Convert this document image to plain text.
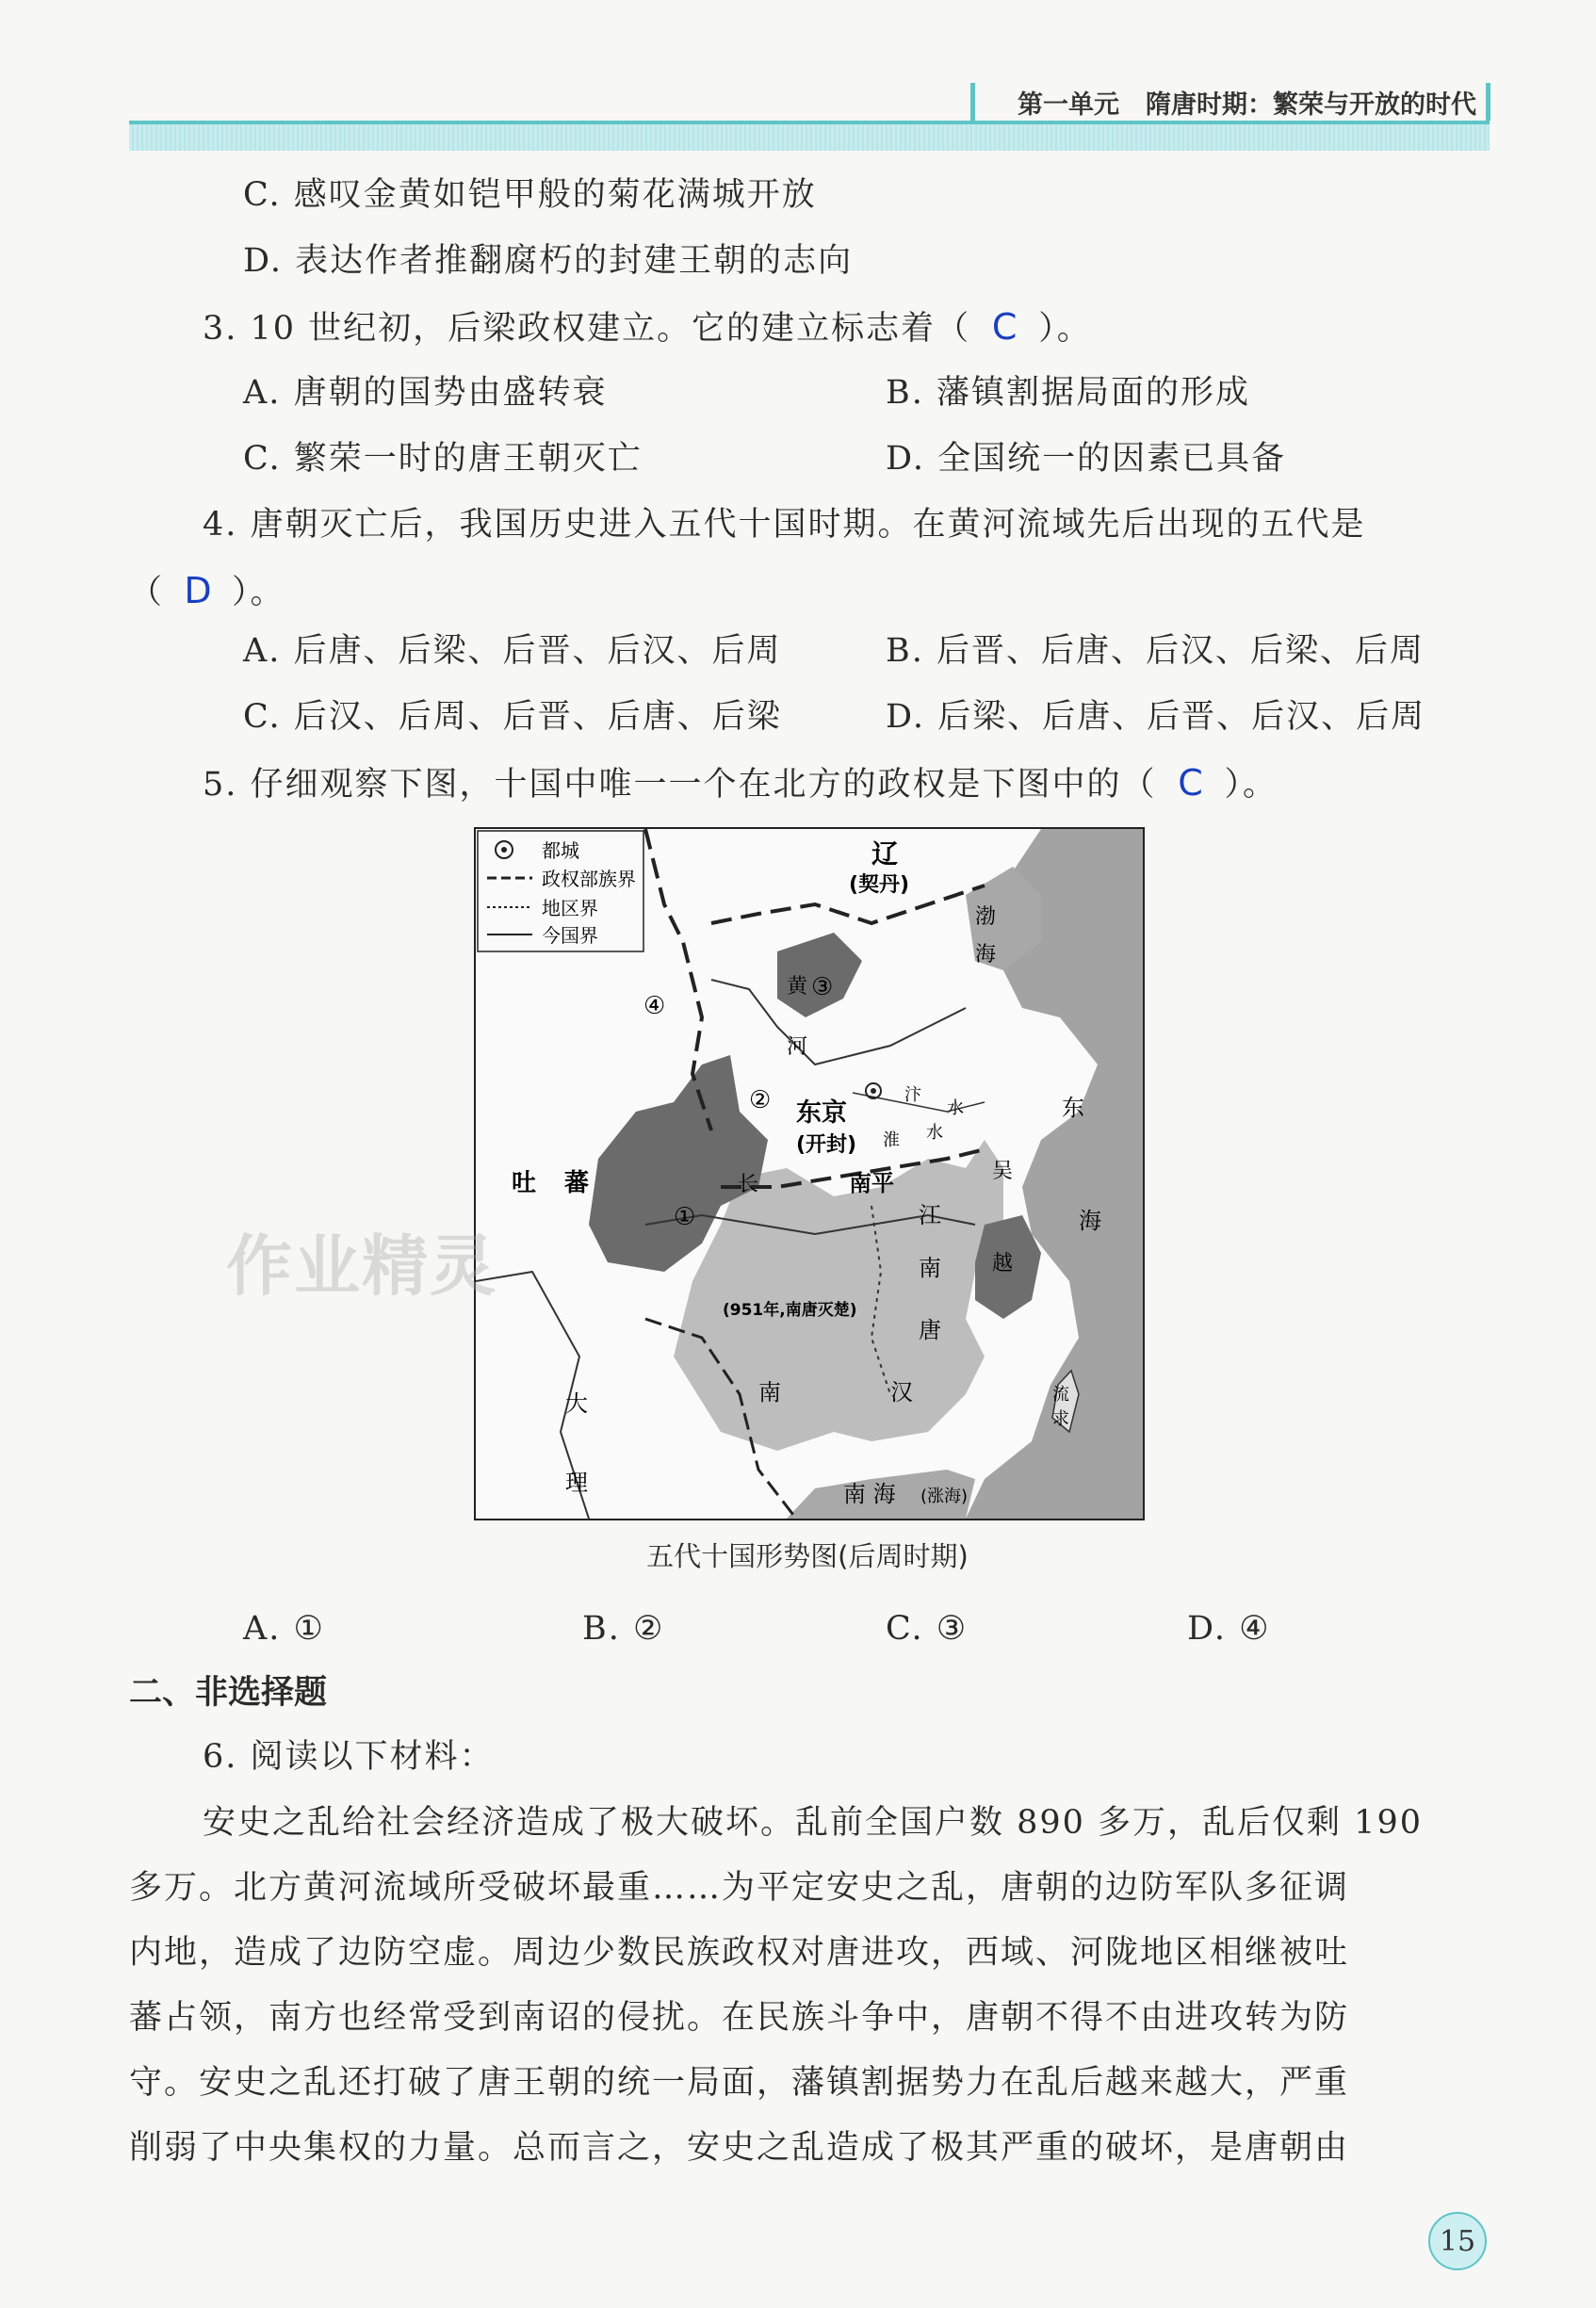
第一单元 隋唐时期：繁荣与开放的时代
C. 感叹金黄如铠甲般的菊花满城开放
D. 表达作者推翻腐朽的封建王朝的志向
3. 10 世纪初，后梁政权建立。它的建立标志着（ C ）。
A. 唐朝的国势由盛转衰	B. 藩镇割据局面的形成
C. 繁荣一时的唐王朝灭亡	D. 全国统一的因素已具备
4. 唐朝灭亡后，我国历史进入五代十国时期。在黄河流域先后出现的五代是
（ D ）。
A. 后唐、后梁、后晋、后汉、后周	B. 后晋、后唐、后汉、后梁、后周
C. 后汉、后周、后晋、后唐、后梁	D. 后梁、后唐、后晋、后汉、后周
5. 仔细观察下图，十国中唯一一个在北方的政权是下图中的（ C ）。
都城
政权部族界
地区界
今国界
辽
(契丹)
渤
海
黄 ③
④
河
② 东京
(开封)
汴
水
淮 水
东
海
吐 蕃
①
长	南平
江
吴
越
南
唐
(951年,南唐灭楚)
流
求
大
理
南	汉
南 海 (涨海)
五代十国形势图(后周时期)
A. ①	B. ②	C. ③	D. ④
二、非选择题
6. 阅读以下材料：
安史之乱给社会经济造成了极大破坏。乱前全国户数 890 多万，乱后仅剩 190
多万。北方黄河流域所受破坏最重……为平定安史之乱，唐朝的边防军队多征调
内地，造成了边防空虚。周边少数民族政权对唐进攻，西域、河陇地区相继被吐
蕃占领，南方也经常受到南诏的侵扰。在民族斗争中，唐朝不得不由进攻转为防
守。安史之乱还打破了唐王朝的统一局面，藩镇割据势力在乱后越来越大，严重
削弱了中央集权的力量。总而言之，安史之乱造成了极其严重的破坏，是唐朝由
作业精灵
15
